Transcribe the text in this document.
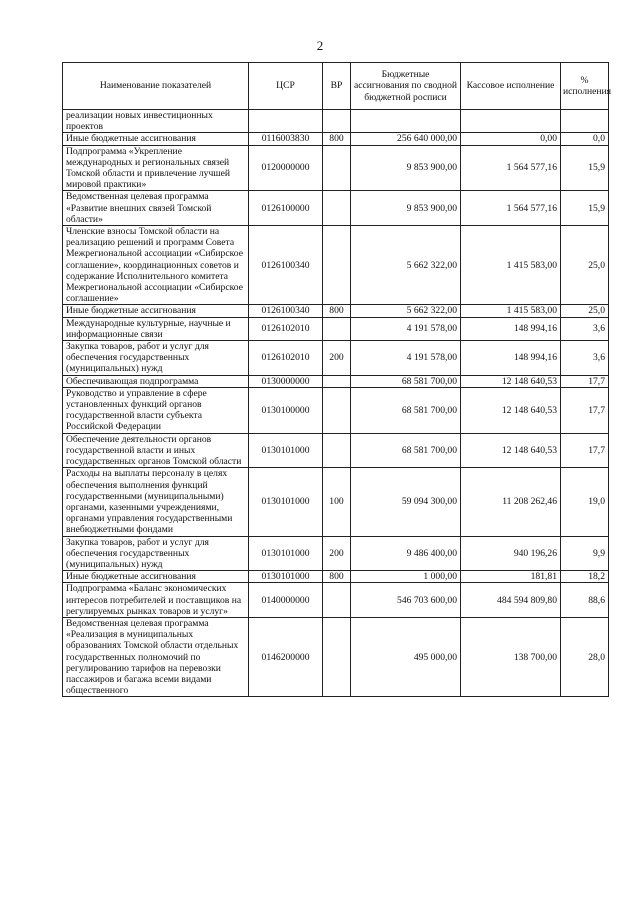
2
Наименование показателей	ЦСР	ВР	Бюджетные ассигнования по сводной бюджетной росписи	Кассовое исполнение	% исполнения
реализации новых инвестиционных проектов					
Иные бюджетные ассигнования	0116003830	800	256 640 000,00	0,00	0,0
Подпрограмма «Укрепление международных и региональных связей Томской области и привлечение лучшей мировой практики»	0120000000		9 853 900,00	1 564 577,16	15,9
Ведомственная целевая программа «Развитие внешних связей Томской области»	0126100000		9 853 900,00	1 564 577,16	15,9
Членские взносы Томской области на реализацию решений и программ Совета Межрегиональной ассоциации «Сибирское соглашение», координационных советов и содержание Исполнительного комитета Межрегиональной ассоциации «Сибирское соглашение»	0126100340		5 662 322,00	1 415 583,00	25,0
Иные бюджетные ассигнования	0126100340	800	5 662 322,00	1 415 583,00	25,0
Международные культурные, научные и информационные связи	0126102010		4 191 578,00	148 994,16	3,6
Закупка товаров, работ и услуг для обеспечения государственных (муниципальных) нужд	0126102010	200	4 191 578,00	148 994,16	3,6
Обеспечивающая подпрограмма	0130000000		68 581 700,00	12 148 640,53	17,7
Руководство и управление в сфере установленных функций органов государственной власти субъекта Российской Федерации	0130100000		68 581 700,00	12 148 640,53	17,7
Обеспечение деятельности органов государственной власти и иных государственных органов Томской области	0130101000		68 581 700,00	12 148 640,53	17,7
Расходы на выплаты персоналу в целях обеспечения выполнения функций государственными (муниципальными) органами, казенными учреждениями, органами управления государственными внебюджетными фондами	0130101000	100	59 094 300,00	11 208 262,46	19,0
Закупка товаров, работ и услуг для обеспечения государственных (муниципальных) нужд	0130101000	200	9 486 400,00	940 196,26	9,9
Иные бюджетные ассигнования	0130101000	800	1 000,00	181,81	18,2
Подпрограмма «Баланс экономических интересов потребителей и поставщиков на регулируемых рынках товаров и услуг»	0140000000		546 703 600,00	484 594 809,80	88,6
Ведомственная целевая программа «Реализация в муниципальных образованиях Томской области отдельных государственных полномочий по регулированию тарифов на перевозки пассажиров и багажа всеми видами общественного	0146200000		495 000,00	138 700,00	28,0
